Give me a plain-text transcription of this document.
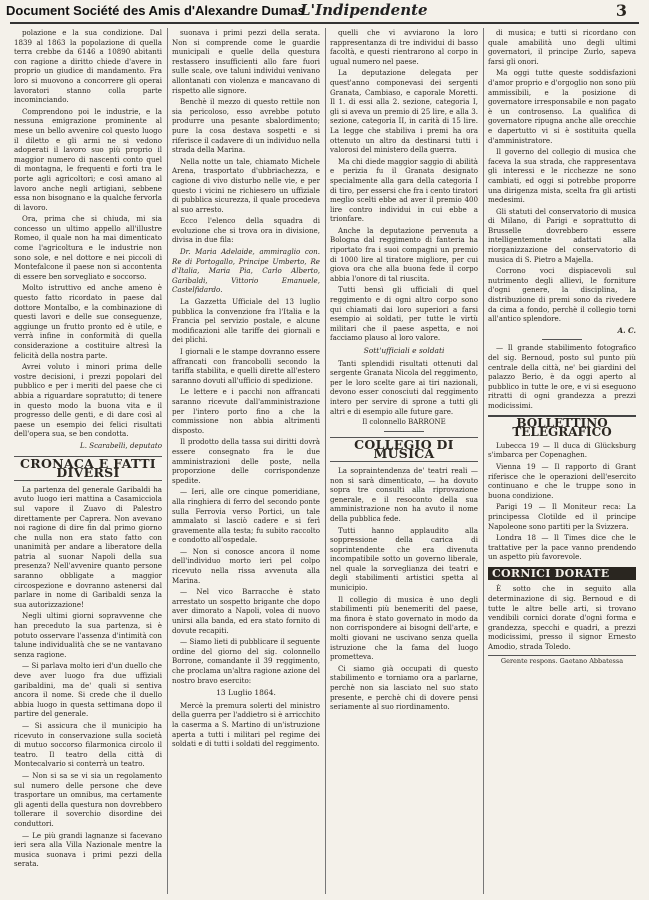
Document Société des Amis d'Alexandre Dumas
L'Indipendente	3

polazione e la sua condizione. Dal 1839 al 1863 la popolazione di quella terra crebbe da 6146 a 10890 abitanti con ragione a diritto chiede d'avere in proprio un giudice di mandamento. Fra loro si muovono a concorrere gli operai lavoratori stanno colla parte incominciando.

Comprendono poi le industrie, e la nessuna emigrazione prominente al mese un bello avvenire col questo luogo il diletto e gli armi ne si vedono adoperati il lavoro suo più proprio il maggior numero di nascenti conto quel di montagna, le frequenti e forti tra le porte agli agricoltori; e così amano al lavoro anche negli artigiani, sebbene essa non bisognano e la qualche fervorla di lavoro.

Ora, prima che si chiuda, mi sia concesso un ultimo appello all'illustre Romeo, il quale non ha mai dimenticato come l'agricoltura e le industrie non sono sole, e nel dottore e nei piccoli di Montefalcone il paese non si accontenta di essere ben sorvegliato e soccorso.

Molto istruttivo ed anche ameno è questo fatto ricordato in paese dal dottore Montalbo, e la combinazione di questi lavori e delle sue conseguenze, aggiunge un frutto pronto ed è utile, e verrà infine in conformità di quella considerazione a costituire altresì la felicità della nostra parte.

Avrei voluto i minori prima delle vostre decisioni, i prezzi popolari del pubblico e per i meriti del paese che ci abbia a riguardare sopratutto; di tenere in questo modo la buona vita e il progresso delle genti, e di dare così al paese un esempio dei felici risultati dell'opera sua, se ben condotta.

L. Scarabelli, deputato
CRONACA E FATTI DIVERSI

La partenza del generale Garibaldi ha avuto luogo ieri mattina a Casamicciola sul vapore il Zuavo di Palestro direttamente per Caprera. Non avevano noi ragione di dire fin dal primo giorno che nulla non era stato fatto con unanimità per andare a liberatore della patria al suonar Napoli della sua presenza? Nell'avvenire quanto persone saranno obbligate a maggior circospezione e dovranno astenersi dal parlare in nome di Garibaldi senza la sua autorizzazione!

Negli ultimi giorni sopravvenne che han preceduto la sua partenza, si è potuto osservare l'assenza d'intimità con talune individualità che se ne vantavano senza ragione.

— Si parlava molto ieri d'un duello che deve aver luogo fra due uffiziali garibaldini, ma de' quali si sentiva ancora il nome. Si crede che il duello abbia luogo in questa settimana dopo il partire del generale.

— Si assicura che il municipio ha ricevuto in conservazione sulla società di mutuo soccorso filarmonica circolo il teatro. Il teatro della città di Montecalvario si conterrà un teatro.

— Non si sa se vi sia un regolamento sul numero delle persone che deve trasportare un omnibus, ma certamente gli agenti della questura non dovrebbero tollerare il soverchio disordine dei conduttori.

— Le più grandi lagnanze si facevano ieri sera alla Villa Nazionale mentre la musica suonava i primi pezzi della serata.

suonava i primi pezzi della serata. Non si comprende come le guardie municipali e quelle della questura restassero insufficienti allo fare fuori sulle scale, ove taluni individui venivano allontanati con violenza e mancavano di rispetto alle signore.

Benchè il mezzo di questo rettile non sia pericoloso, esso avrebbe potuto produrre una pesante sbalordimento; pure la cosa destava sospetti e si riferisce il cadavere di un individuo nella strada della Marina.

Nella notte un tale, chiamato Michele Arena, trasportato d'ubbriachezza, e cagione di vivo disturbo nelle vie, e per questo i vicini ne richiesero un uffiziale di pubblica sicurezza, il quale procedeva al suo arresto.

Ecco l'elenco della squadra di evoluzione che si trova ora in divisione, divisa in due fila:

Dr. Maria Adelaide, ammiraglio con. Re di Portogallo, Principe Umberto, Re d'Italia, Maria Pia, Carlo Alberto, Garibaldi, Vittorio Emanuele, Castelfidardo.

La Gazzetta Ufficiale del 13 luglio pubblica la convenzione fra l'Italia e la Francia pel servizio postale, e alcune modificazioni alle tariffe dei giornali e dei plichi.

I giornali e le stampe dovranno essere affrancati con francobolli secondo la tariffa stabilita, e quelli dirette all'estero saranno dovuti all'ufficio di spedizione.

Le lettere e i pacchi non affrancati saranno ricevute dall'amministrazione per l'intero porto fino a che la commissione non abbia altrimenti disposto.

Il prodotto della tassa sui diritti dovrà essere consegnato fra le due amministrazioni delle poste, nella proporzione delle corrispondenze spedite.

— Ieri, alle ore cinque pomeridiane, alla ringhiera di ferro del secondo ponte sulla Ferrovia verso Portici, un tale ammalato si lasciò cadere e si ferì gravemente alla testa; fu subito raccolto e condotto all'ospedale.

— Non si conosce ancora il nome dell'individuo morto ieri pel colpo ricevuto nella rissa avvenuta alla Marina.

— Nel vico Barracche è stato arrestato un sospetto brigante che dopo aver dimorato a Napoli, volea di nuovo unirsi alla banda, ed era stato fornito di dovute recapiti.

— Siamo lieti di pubblicare il seguente ordine del giorno del sig. colonnello Borrone, comandante il 39 reggimento, che proclama un'altra ragione azione del nostro bravo esercito:

13 Luglio 1864.

Mercè la premura solerti del ministro della guerra per l'addietro si è arricchito la caserma a S. Martino di un'istruzione aperta a tutti i militari pel regime dei soldati e di tutti i soldati del reggimento.

quelli che vi avviarono la loro rappresentanza di tre individui di basso facoltà, e questi rientrarono al corpo in ugual numero nel paese.

La deputazione delegata per quest'anno componevasi dei sergenti Granata, Cambiaso, e caporale Moretti. Il 1. di essi alla 2. sezione, categoria I, gli si aveva un premio di 25 lire, e alla 3. sezione, categoria II, in carità di 15 lire. La legge che stabiliva i premi ha ora ottenuto un altro da destinarsi tutti i valorosi del ministero della guerra.

Ma chi diede maggior saggio di abilità e perizia fu il Granata designato specialmente alla gara della categoria I di tiro, per essersi che fra i cento tiratori meglio scelti ebbe ad aver il premio 400 lire contro individui in cui ebbe a trionfare.

Anche la deputazione pervenuta a Bologna dal reggimento di fanteria ha riportato fra i suoi compagni un premio di 1000 lire al tiratore migliore, per cui giova ora che alla buona fede il corpo abbia l'onore di tal riuscita.

Tutti bensì gli ufficiali di quel reggimento e di ogni altro corpo sono qui chiamati dai loro superiori a farsi esempio ai soldati, per tutte le virtù militari che il paese aspetta, e noi facciamo plauso al loro valore.

Sott'ufficiali e soldati

Tanti splendidi risultati ottenuti dal sergente Granata Nicola del reggimento, per le loro scelte gare ai tiri nazionali, devono esser conosciuti dal reggimento intero per servire di sprone a tutti gli altri e di esempio alle future gare.

Il colonnello BARRONE
COLLEGIO DI MUSICA

La sopraintendenza de' teatri reali — non si sarà dimenticato, — ha dovuto sopra tre consulti alla riprovazione generale, e il resoconto della sua amministrazione non ha avuto il nome della pubblica fede.

Tutti hanno applaudito alla soppressione della carica di soprintendente che era divenuta incompatibile sotto un governo liberale, nel quale la sorveglianza dei teatri e degli stabilimenti artistici spetta al municipio.

Il collegio di musica è uno degli stabilimenti più benemeriti del paese, ma finora è stato governato in modo da non corrispondere ai bisogni dell'arte, e molti giovani ne uscivano senza quella istruzione che la fama del luogo prometteva.

Ci siamo già occupati di questo stabilimento e torniamo ora a parlarne, perchè non sia lasciato nel suo stato presente, e perchè chi di dovere pensi seriamente al suo riordinamento.

di musica; e tutti si ricordano con quale amabilità uno degli ultimi governatori, il principe Zurlo, sapeva farsi gli onori.

Ma oggi tutte queste soddisfazioni d'amor proprio e d'orgoglio non sono più ammissibili, e la posizione di governatore irresponsabile e non pagato è un controsenso. La qualifica di governatore ripugna anche alle orecchie e dapertutto vi si è sostituita quella d'amministratore.

Il governo del collegio di musica che faceva la sua strada, che rappresentava gli interessi e le ricchezze ne sono cambiati, ed oggi si potrebbe proporre una dirigenza mista, scelta fra gli artisti medesimi.

Gli statuti del conservatorio di musica di Milano, di Parigi e soprattutto di Brusselle dovrebbero essere intelligentemente adattati alla riorganizzazione del conservatorio di musica di S. Pietro a Majella.

Corrono voci dispiacevoli sul nutrimento degli allievi, le forniture d'ogni genere, la disciplina, la distribuzione di premi sono da rivedere da cima a fondo, perchè il collegio torni all'antico splendore.

A. C.

— Il grande stabilimento fotografico del sig. Bernoud, posto sul punto più centrale della città, ne' bei giardini del palazzo Berio, è da oggi aperto al pubblico in tutte le ore, e vi si eseguono ritratti di ogni grandezza a prezzi modicissimi.

BOLLETTINO TELEGRAFICO

Lubecca 19 — Il duca di Glücksburg s'imbarca per Copenaghen.

Vienna 19 — Il rapporto di Grant riferisce che le operazioni dell'esercito continuano e che le truppe sono in buona condizione.

Parigi 19 — Il Moniteur reca: La principessa Clotilde ed il principe Napoleone sono partiti per la Svizzera.

Londra 18 — Il Times dice che le trattative per la pace vanno prendendo un aspetto più favorevole.

CORNICI DORATE

È sotto che in seguito alla determinazione di sig. Bernoud e di tutte le altre belle arti, si trovano vendibili cornici dorate d'ogni forma e grandezza, specchi e quadri, a prezzi modicissimi, presso il signor Ernesto Amodio, strada Toledo.

Gerente respons. Gaetano Abbatessa
